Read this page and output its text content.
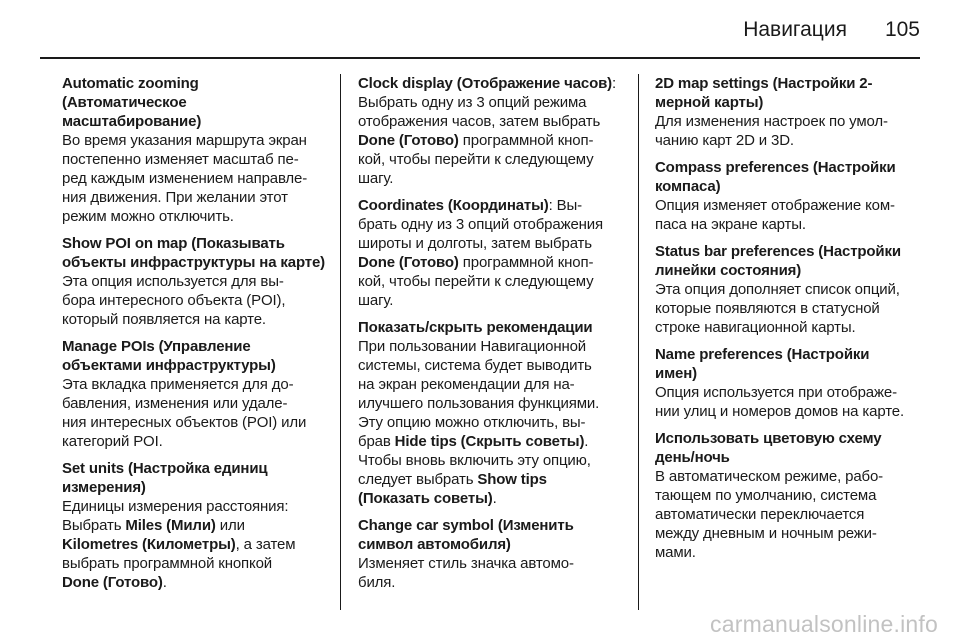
Навигация 105
Automatic zooming
(Автоматическое
масштабирование)
Во время указания маршрута экран
постепенно изменяет масштаб пе-
ред каждым изменением направле-
ния движения. При желании этот
режим можно отключить.
Show POI on map (Показывать
объекты инфраструктуры на карте)
Эта опция используется для вы-
бора интересного объекта (POI),
который появляется на карте.
Manage POIs (Управление
объектами инфраструктуры)
Эта вкладка применяется для до-
бавления, изменения или удале-
ния интересных объектов (POI) или
категорий POI.
Set units (Настройка единиц
измерения)
Единицы измерения расстояния:
Выбрать Miles (Мили) или
Kilometres (Километры), а затем
выбрать программной кнопкой
Done (Готово).
Clock display (Отображение часов):
Выбрать одну из 3 опций режима
отображения часов, затем выбрать
Done (Готово) программной кноп-
кой, чтобы перейти к следующему
шагу.
Coordinates (Координаты): Вы-
брать одну из 3 опций отображения
широты и долготы, затем выбрать
Done (Готово) программной кноп-
кой, чтобы перейти к следующему
шагу.
Показать/скрыть рекомендации
При пользовании Навигационной
системы, система будет выводить
на экран рекомендации для на-
илучшего пользования функциями.
Эту опцию можно отключить, вы-
брав Hide tips (Скрыть советы).
Чтобы вновь включить эту опцию,
следует выбрать Show tips
(Показать советы).
Change car symbol (Изменить
символ автомобиля)
Изменяет стиль значка автомо-
биля.
2D map settings (Настройки 2-
мерной карты)
Для изменения настроек по умол-
чанию карт 2D и 3D.
Compass preferences (Настройки
компаса)
Опция изменяет отображение ком-
паса на экране карты.
Status bar preferences (Настройки
линейки состояния)
Эта опция дополняет список опций,
которые появляются в статусной
строке навигационной карты.
Name preferences (Настройки
имен)
Опция используется при отображе-
нии улиц и номеров домов на карте.
Использовать цветовую схему
день/ночь
В автоматическом режиме, рабо-
тающем по умолчанию, система
автоматически переключается
между дневным и ночным режи-
мами.
carmanualsonline.info
